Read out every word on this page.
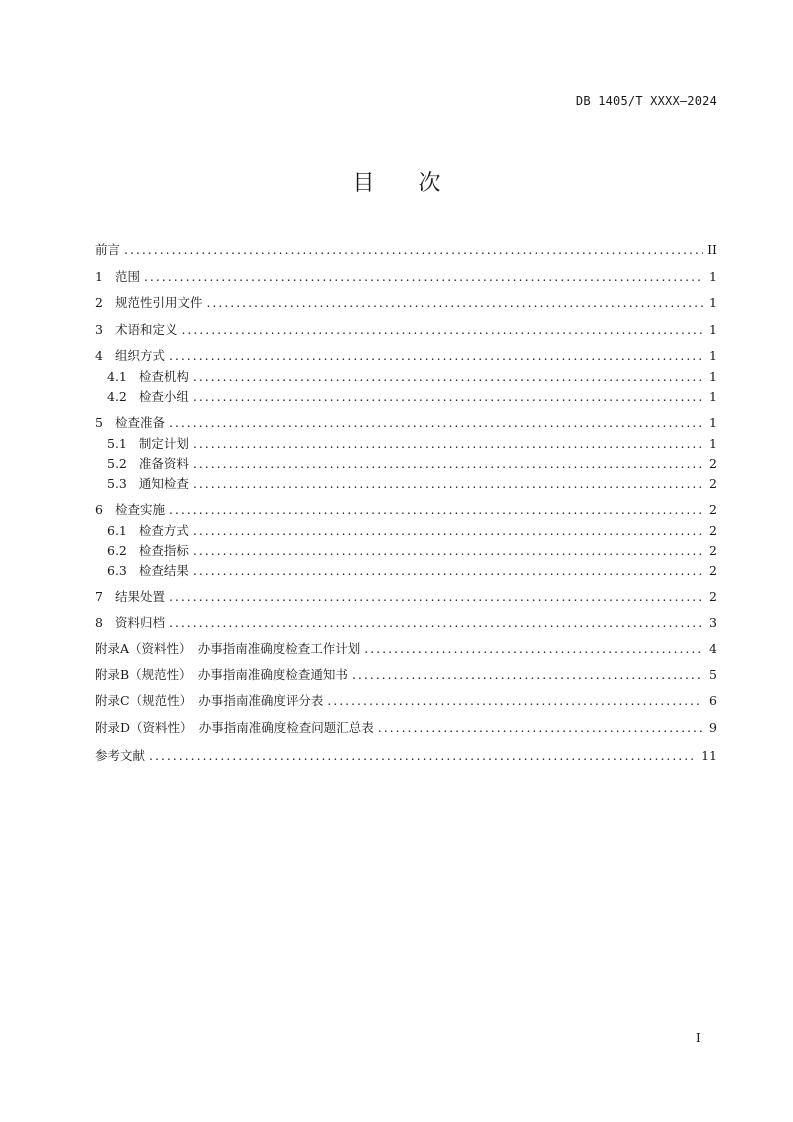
DB 1405/T XXXX—2024
目次
前言 . . .	II
1 范围 . . .	1
2 规范性引用文件 . . .	1
3 术语和定义 . . .	1
4 组织方式 . . .	1
4.1 检查机构 . . .	1
4.2 检查小组 . . .	1
5 检查准备 . . .	1
5.1 制定计划 . . .	1
5.2 准备资料 . . .	2
5.3 通知检查 . . .	2
6 检查实施 . . .	2
6.1 检查方式 . . .	2
6.2 检查指标 . . .	2
6.3 检查结果 . . .	2
7 结果处置 . . .	2
8 资料归档 . . .	3
附录A（资料性）　办事指南准确度检查工作计划 . . .	4
附录B（规范性）　办事指南准确度检查通知书 . . .	5
附录C（规范性）　办事指南准确度评分表 . . .	6
附录D（资料性）　办事指南准确度检查问题汇总表 . . .	9
参考文献 . . .	11
I
